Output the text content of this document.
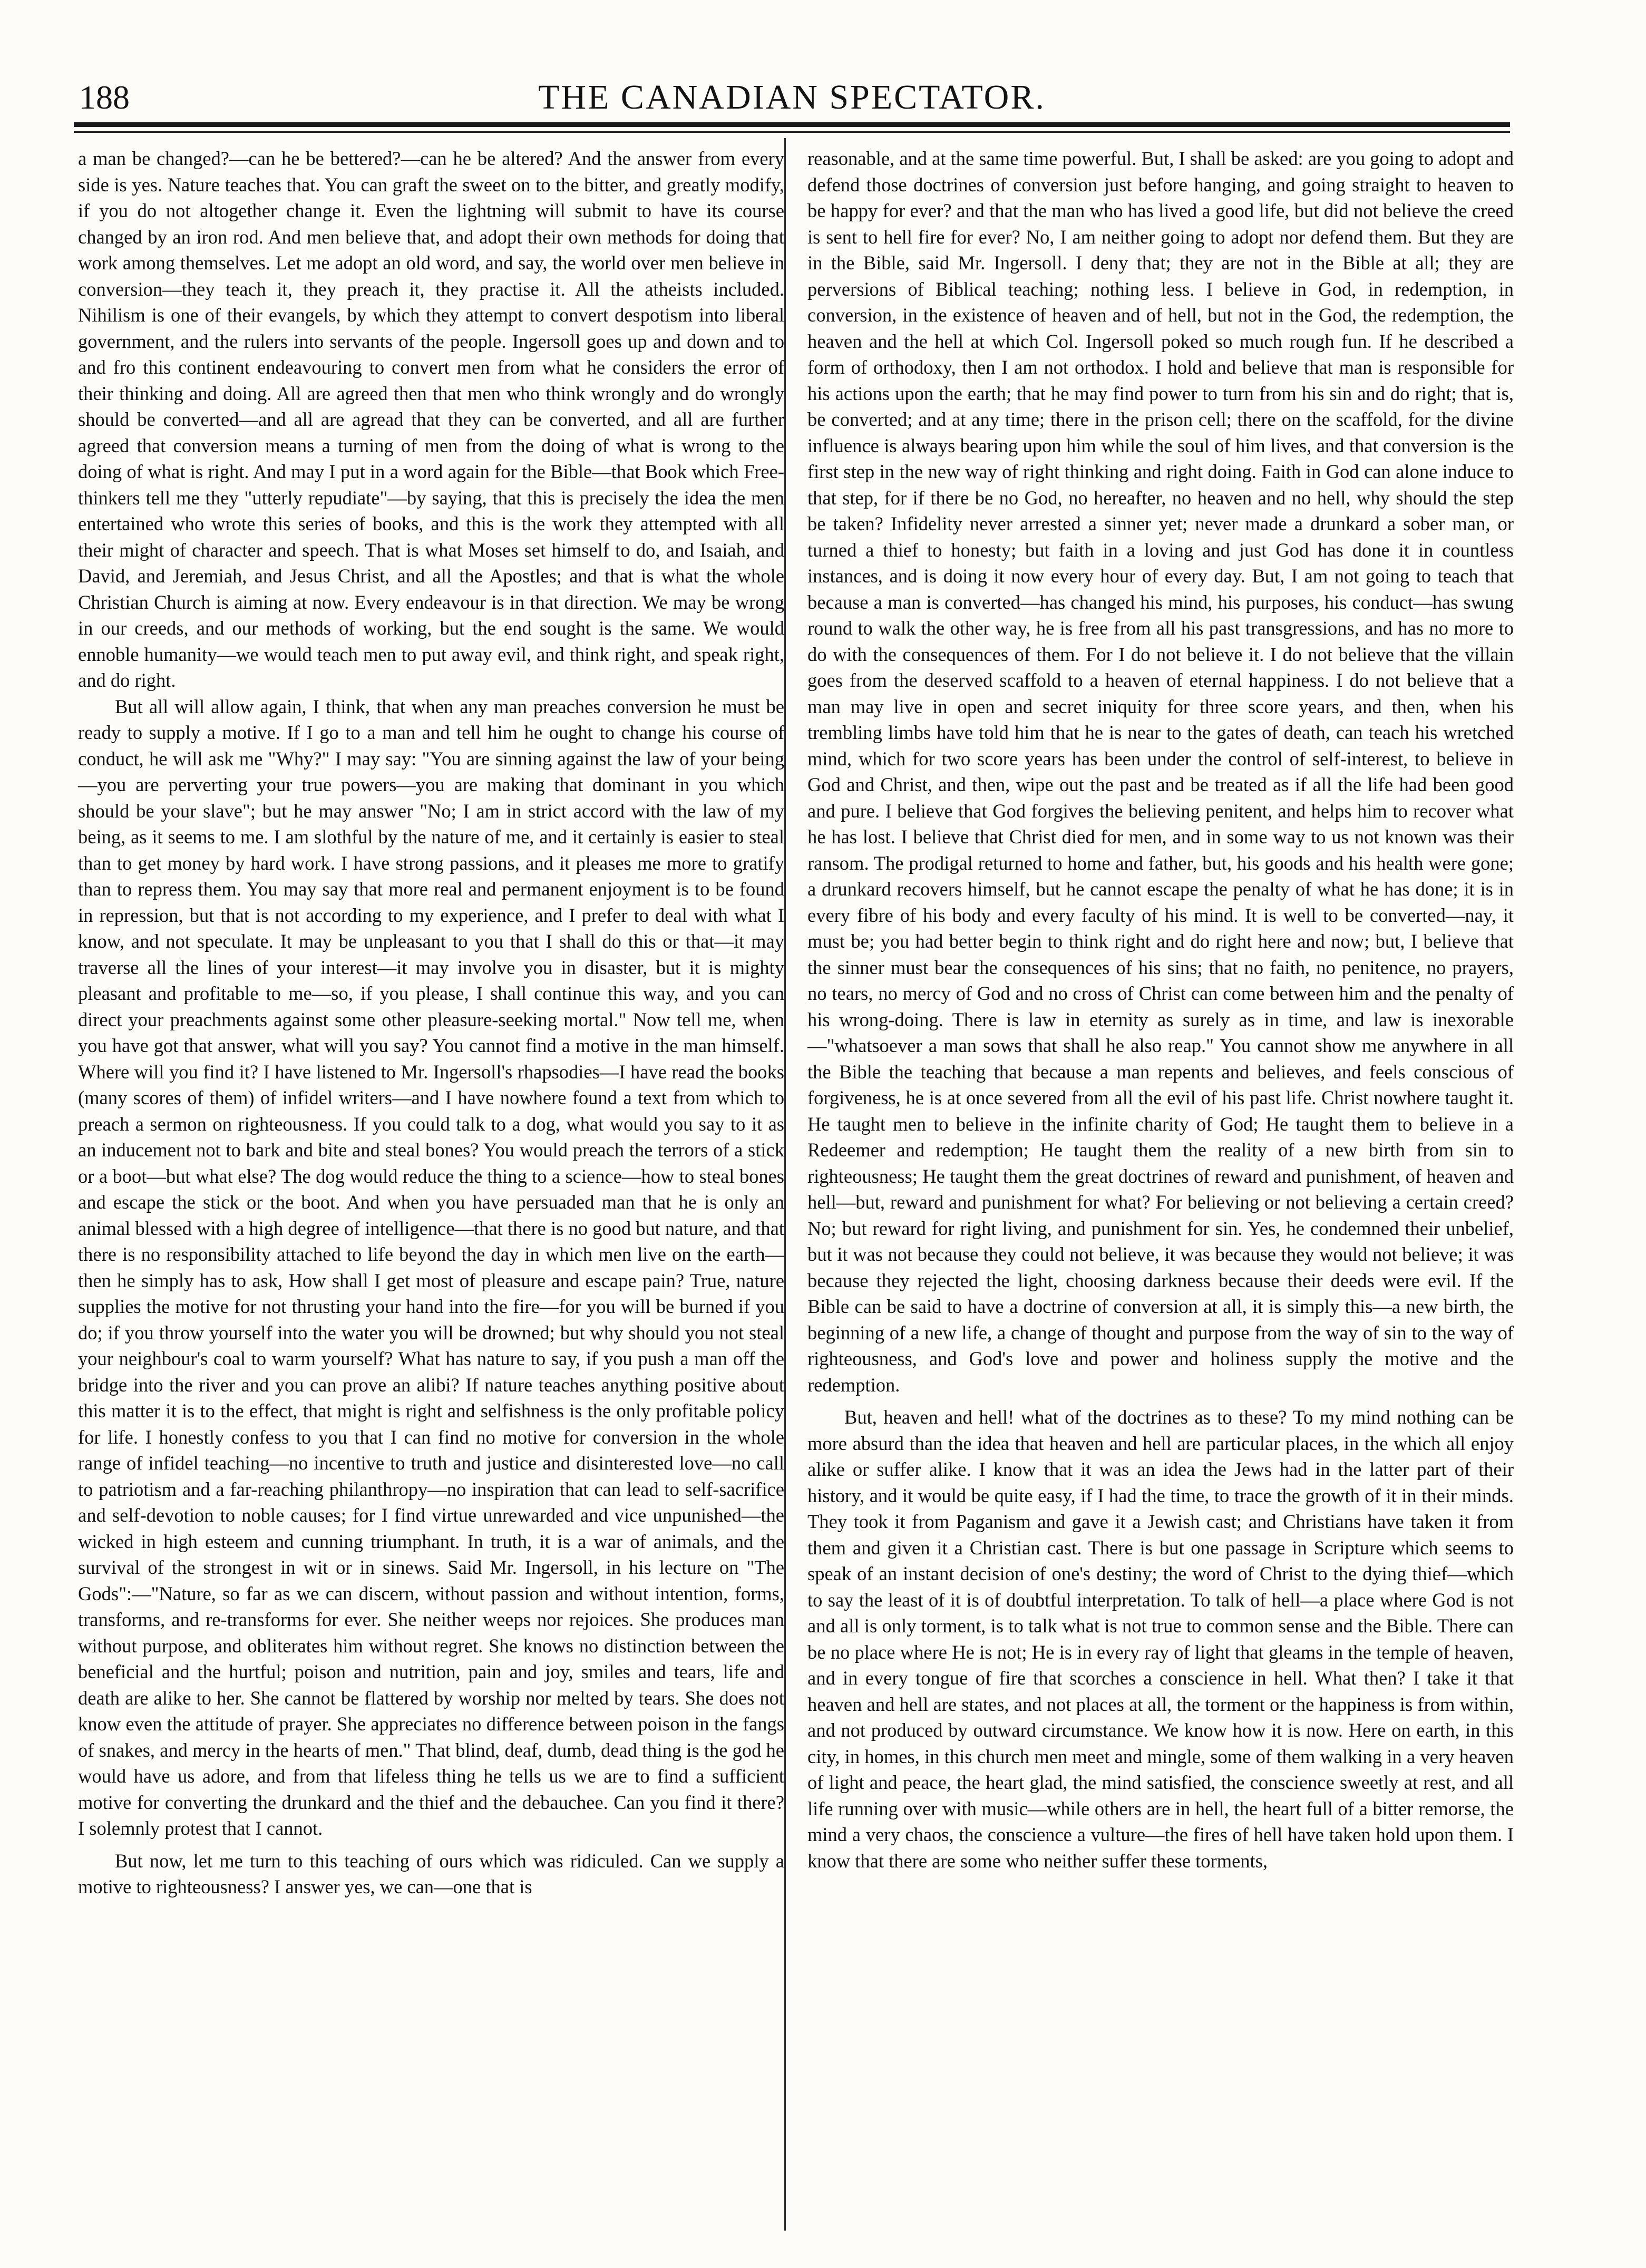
188	THE CANADIAN SPECTATOR.

a man be changed?—can he be bettered?—can he be altered? And the answer from every side is yes. Nature teaches that. You can graft the sweet on to the bitter, and greatly modify, if you do not altogether change it. Even the lightning will submit to have its course changed by an iron rod. And men believe that, and adopt their own methods for doing that work among themselves. Let me adopt an old word, and say, the world over men believe in conversion—they teach it, they preach it, they practise it. All the atheists included. Nihilism is one of their evangels, by which they attempt to convert despotism into liberal government, and the rulers into servants of the people. Ingersoll goes up and down and to and fro this continent endeavouring to convert men from what he considers the error of their thinking and doing. All are agreed then that men who think wrongly and do wrongly should be converted—and all are agread that they can be converted, and all are further agreed that conversion means a turning of men from the doing of what is wrong to the doing of what is right. And may I put in a word again for the Bible—that Book which Free-thinkers tell me they "utterly repudiate"—by saying, that this is precisely the idea the men entertained who wrote this series of books, and this is the work they attempted with all their might of character and speech. That is what Moses set himself to do, and Isaiah, and David, and Jeremiah, and Jesus Christ, and all the Apostles; and that is what the whole Christian Church is aiming at now. Every endeavour is in that direction. We may be wrong in our creeds, and our methods of working, but the end sought is the same. We would ennoble humanity—we would teach men to put away evil, and think right, and speak right, and do right.

But all will allow again, I think, that when any man preaches conversion he must be ready to supply a motive. If I go to a man and tell him he ought to change his course of conduct, he will ask me "Why?" I may say: "You are sinning against the law of your being—you are perverting your true powers—you are making that dominant in you which should be your slave"; but he may answer "No; I am in strict accord with the law of my being, as it seems to me. I am slothful by the nature of me, and it certainly is easier to steal than to get money by hard work. I have strong passions, and it pleases me more to gratify than to repress them. You may say that more real and permanent enjoyment is to be found in repression, but that is not according to my experience, and I prefer to deal with what I know, and not speculate. It may be unpleasant to you that I shall do this or that—it may traverse all the lines of your interest—it may involve you in disaster, but it is mighty pleasant and profitable to me—so, if you please, I shall continue this way, and you can direct your preachments against some other pleasure-seeking mortal." Now tell me, when you have got that answer, what will you say? You cannot find a motive in the man himself. Where will you find it? I have listened to Mr. Ingersoll's rhapsodies—I have read the books (many scores of them) of infidel writers—and I have nowhere found a text from which to preach a sermon on righteousness. If you could talk to a dog, what would you say to it as an inducement not to bark and bite and steal bones? You would preach the terrors of a stick or a boot—but what else? The dog would reduce the thing to a science—how to steal bones and escape the stick or the boot. And when you have persuaded man that he is only an animal blessed with a high degree of intelligence—that there is no good but nature, and that there is no responsibility attached to life beyond the day in which men live on the earth—then he simply has to ask, How shall I get most of pleasure and escape pain? True, nature supplies the motive for not thrusting your hand into the fire—for you will be burned if you do; if you throw yourself into the water you will be drowned; but why should you not steal your neighbour's coal to warm yourself? What has nature to say, if you push a man off the bridge into the river and you can prove an alibi? If nature teaches anything positive about this matter it is to the effect, that might is right and selfishness is the only profitable policy for life. I honestly confess to you that I can find no motive for conversion in the whole range of infidel teaching—no incentive to truth and justice and disinterested love—no call to patriotism and a far-reaching philanthropy—no inspiration that can lead to self-sacrifice and self-devotion to noble causes; for I find virtue unrewarded and vice unpunished—the wicked in high esteem and cunning triumphant. In truth, it is a war of animals, and the survival of the strongest in wit or in sinews. Said Mr. Ingersoll, in his lecture on "The Gods":—"Nature, so far as we can discern, without passion and without intention, forms, transforms, and re-transforms for ever. She neither weeps nor rejoices. She produces man without purpose, and obliterates him without regret. She knows no distinction between the beneficial and the hurtful; poison and nutrition, pain and joy, smiles and tears, life and death are alike to her. She cannot be flattered by worship nor melted by tears. She does not know even the attitude of prayer. She appreciates no difference between poison in the fangs of snakes, and mercy in the hearts of men." That blind, deaf, dumb, dead thing is the god he would have us adore, and from that lifeless thing he tells us we are to find a sufficient motive for converting the drunkard and the thief and the debauchee. Can you find it there? I solemnly protest that I cannot.

But now, let me turn to this teaching of ours which was ridiculed. Can we supply a motive to righteousness? I answer yes, we can—one that is

reasonable, and at the same time powerful. But, I shall be asked: are you going to adopt and defend those doctrines of conversion just before hanging, and going straight to heaven to be happy for ever? and that the man who has lived a good life, but did not believe the creed is sent to hell fire for ever? No, I am neither going to adopt nor defend them. But they are in the Bible, said Mr. Ingersoll. I deny that; they are not in the Bible at all; they are perversions of Biblical teaching; nothing less. I believe in God, in redemption, in conversion, in the existence of heaven and of hell, but not in the God, the redemption, the heaven and the hell at which Col. Ingersoll poked so much rough fun. If he described a form of orthodoxy, then I am not orthodox. I hold and believe that man is responsible for his actions upon the earth; that he may find power to turn from his sin and do right; that is, be converted; and at any time; there in the prison cell; there on the scaffold, for the divine influence is always bearing upon him while the soul of him lives, and that conversion is the first step in the new way of right thinking and right doing. Faith in God can alone induce to that step, for if there be no God, no hereafter, no heaven and no hell, why should the step be taken? Infidelity never arrested a sinner yet; never made a drunkard a sober man, or turned a thief to honesty; but faith in a loving and just God has done it in countless instances, and is doing it now every hour of every day. But, I am not going to teach that because a man is converted—has changed his mind, his purposes, his conduct—has swung round to walk the other way, he is free from all his past transgressions, and has no more to do with the consequences of them. For I do not believe it. I do not believe that the villain goes from the deserved scaffold to a heaven of eternal happiness. I do not believe that a man may live in open and secret iniquity for three score years, and then, when his trembling limbs have told him that he is near to the gates of death, can teach his wretched mind, which for two score years has been under the control of self-interest, to believe in God and Christ, and then, wipe out the past and be treated as if all the life had been good and pure. I believe that God forgives the believing penitent, and helps him to recover what he has lost. I believe that Christ died for men, and in some way to us not known was their ransom. The prodigal returned to home and father, but, his goods and his health were gone; a drunkard recovers himself, but he cannot escape the penalty of what he has done; it is in every fibre of his body and every faculty of his mind. It is well to be converted—nay, it must be; you had better begin to think right and do right here and now; but, I believe that the sinner must bear the consequences of his sins; that no faith, no penitence, no prayers, no tears, no mercy of God and no cross of Christ can come between him and the penalty of his wrong-doing. There is law in eternity as surely as in time, and law is inexorable—"whatsoever a man sows that shall he also reap." You cannot show me anywhere in all the Bible the teaching that because a man repents and believes, and feels conscious of forgiveness, he is at once severed from all the evil of his past life. Christ nowhere taught it. He taught men to believe in the infinite charity of God; He taught them to believe in a Redeemer and redemption; He taught them the reality of a new birth from sin to righteousness; He taught them the great doctrines of reward and punishment, of heaven and hell—but, reward and punishment for what? For believing or not believing a certain creed? No; but reward for right living, and punishment for sin. Yes, he condemned their unbelief, but it was not because they could not believe, it was because they would not believe; it was because they rejected the light, choosing darkness because their deeds were evil. If the Bible can be said to have a doctrine of conversion at all, it is simply this—a new birth, the beginning of a new life, a change of thought and purpose from the way of sin to the way of righteousness, and God's love and power and holiness supply the motive and the redemption.

But, heaven and hell! what of the doctrines as to these? To my mind nothing can be more absurd than the idea that heaven and hell are particular places, in the which all enjoy alike or suffer alike. I know that it was an idea the Jews had in the latter part of their history, and it would be quite easy, if I had the time, to trace the growth of it in their minds. They took it from Paganism and gave it a Jewish cast; and Christians have taken it from them and given it a Christian cast. There is but one passage in Scripture which seems to speak of an instant decision of one's destiny; the word of Christ to the dying thief—which to say the least of it is of doubtful interpretation. To talk of hell—a place where God is not and all is only torment, is to talk what is not true to common sense and the Bible. There can be no place where He is not; He is in every ray of light that gleams in the temple of heaven, and in every tongue of fire that scorches a conscience in hell. What then? I take it that heaven and hell are states, and not places at all, the torment or the happiness is from within, and not produced by outward circumstance. We know how it is now. Here on earth, in this city, in homes, in this church men meet and mingle, some of them walking in a very heaven of light and peace, the heart glad, the mind satisfied, the conscience sweetly at rest, and all life running over with music—while others are in hell, the heart full of a bitter remorse, the mind a very chaos, the conscience a vulture—the fires of hell have taken hold upon them. I know that there are some who neither suffer these torments,
